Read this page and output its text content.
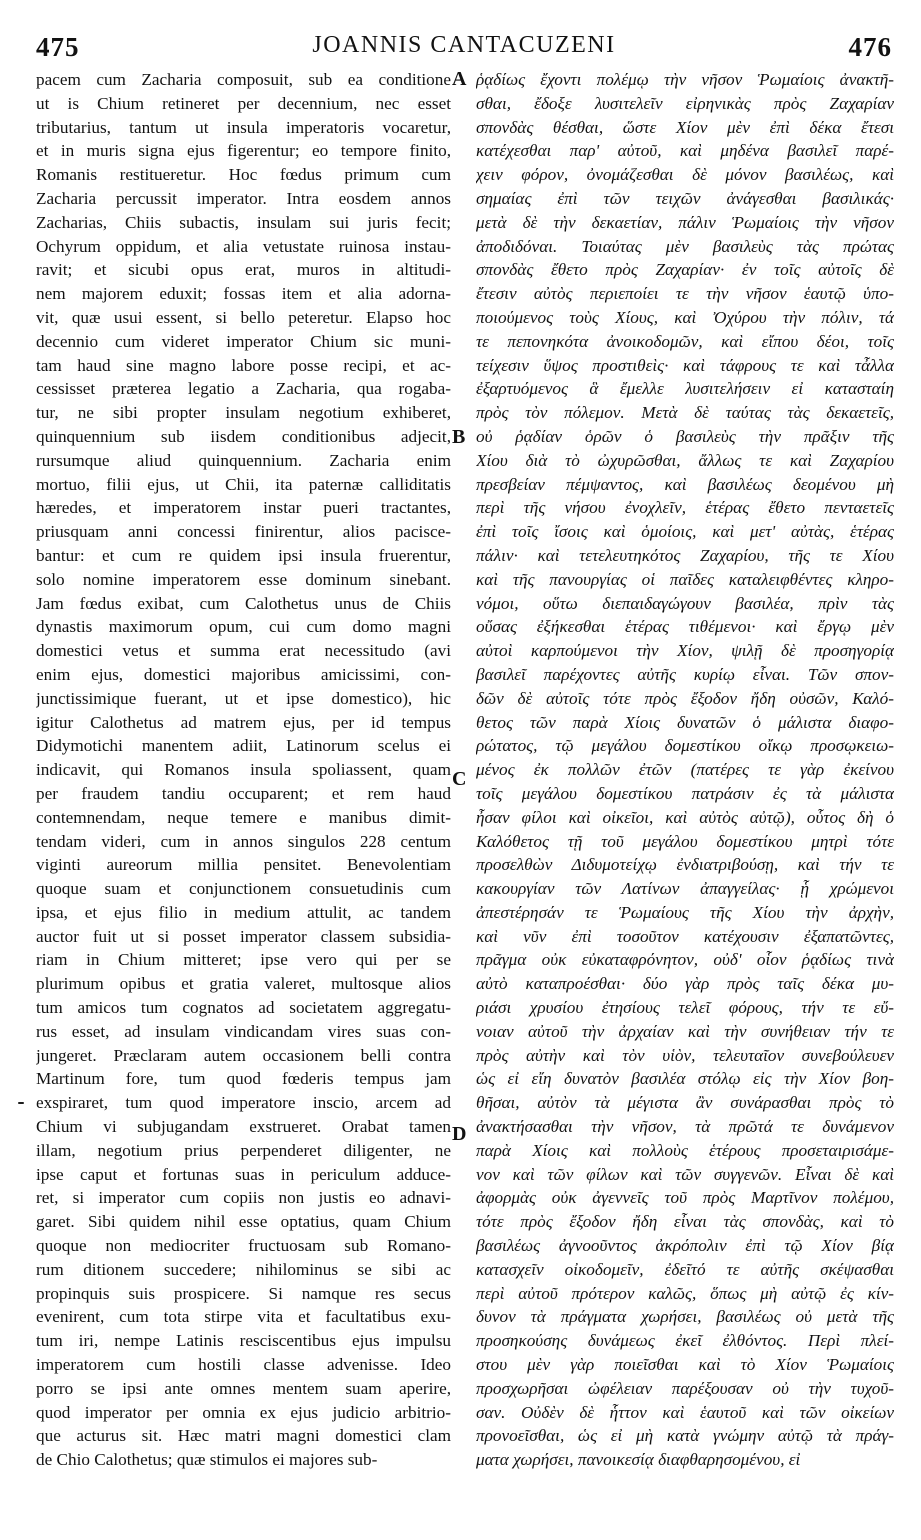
475	JOANNIS CANTACUZENI	476
pacem cum Zacharia composuit, sub ea conditione
ut is Chium retineret per decennium, nec esset
tributarius, tantum ut insula imperatoris vocaretur,
et in muris signa ejus figerentur; eo tempore finito,
Romanis restitueretur. Hoc fœdus primum cum
Zacharia percussit imperator. Intra eosdem annos
Zacharias, Chiis subactis, insulam sui juris fecit;
Ochyrum oppidum, et alia vetustate ruinosa instau-
ravit; et sicubi opus erat, muros in altitudi-
nem majorem eduxit; fossas item et alia adorna-
vit, quæ usui essent, si bello peteretur. Elapso hoc
decennio cum videret imperator Chium sic muni-
tam haud sine magno labore posse recipi, et ac-
cessisset præterea legatio a Zacharia, qua rogaba-
tur, ne sibi propter insulam negotium exhiberet,
quinquennium sub iisdem conditionibus adjecit,
rursumque aliud quinquennium. Zacharia enim
mortuo, filii ejus, ut Chii, ita paternæ calliditatis
hæredes, et imperatorem instar pueri tractantes,
priusquam anni concessi finirentur, alios pacisce-
bantur: et cum re quidem ipsi insula fruerentur,
solo nomine imperatorem esse dominum sinebant.
Jam fœdus exibat, cum Calothetus unus de Chiis
dynastis maximorum opum, cui cum domo magni
domestici vetus et summa erat necessitudo (avi
enim ejus, domestici majoribus amicissimi, con-
junctissimique fuerant, ut et ipse domestico), hic
igitur Calothetus ad matrem ejus, per id tempus
Didymotichi manentem adiit, Latinorum scelus ei
indicavit, qui Romanos insula spoliassent, quam
per fraudem tandiu occuparent; et rem haud
contemnendam, neque temere e manibus dimit-
tendam videri, cum in annos singulos 228 centum
viginti aureorum millia pensitet. Benevolentiam
quoque suam et conjunctionem consuetudinis cum
ipsa, et ejus filio in medium attulit, ac tandem
auctor fuit ut si posset imperator classem subsidia-
riam in Chium mitteret; ipse vero qui per se
plurimum opibus et gratia valeret, multosque alios
tum amicos tum cognatos ad societatem aggregatu-
rus esset, ad insulam vindicandam vires suas con-
jungeret. Præclaram autem occasionem belli contra
Martinum fore, tum quod fœderis tempus jam
exspiraret, tum quod imperatore inscio, arcem ad
Chium vi subjugandam exstrueret. Orabat tamen
illam, negotium prius perpenderet diligenter, ne
ipse caput et fortunas suas in periculum adduce-
ret, si imperator cum copiis non justis eo adnavi-
garet. Sibi quidem nihil esse optatius, quam Chium
quoque non mediocriter fructuosam sub Romano-
rum ditionem succedere; nihilominus se sibi ac
propinquis suis prospicere. Si namque res secus
evenirent, cum tota stirpe vita et facultatibus exu-
tum iri, nempe Latinis resciscentibus ejus impulsu
imperatorem cum hostili classe advenisse. Ideo
porro se ipsi ante omnes mentem suam aperire,
quod imperator per omnia ex ejus judicio arbitrio-
que acturus sit. Hæc matri magni domestici clam
de Chio Calothetus; quæ stimulos ei majores sub-
ῥᾳδίως ἔχοντι πολέμῳ τὴν νῆσον Ῥωμαίοις ἀνακτῆ-
σθαι, ἔδοξε λυσιτελεῖν εἰρηνικὰς πρὸς Ζαχαρίαν
σπονδὰς θέσθαι, ὥστε Χίον μὲν ἐπὶ δέκα ἔτεσι
κατέχεσθαι παρ' αὐτοῦ, καὶ μηδένα βασιλεῖ παρέ-
χειν φόρον, ὀνομάζεσθαι δὲ μόνον βασιλέως, καὶ
σημαίας ἐπὶ τῶν τειχῶν ἀνάγεσθαι βασιλικάς·
μετὰ δὲ τὴν δεκαετίαν, πάλιν Ῥωμαίοις τὴν νῆσον
ἀποδιδόναι. Τοιαύτας μὲν βασιλεὺς τὰς πρώτας
σπονδὰς ἔθετο πρὸς Ζαχαρίαν· ἐν τοῖς αὐτοῖς δὲ
ἔτεσιν αὐτὸς περιεποίει τε τὴν νῆσον ἑαυτῷ ὑπο-
ποιούμενος τοὺς Χίους, καὶ Ὀχύρου τὴν πόλιν, τά
τε πεπονηκότα ἀνοικοδομῶν, καὶ εἴπου δέοι, τοῖς
τείχεσιν ὕψος προστιθεὶς· καὶ τάφρους τε καὶ τἆλλα
ἐξαρτυόμενος ἃ ἔμελλε λυσιτελήσειν εἰ κατασταίη
πρὸς τὸν πόλεμον. Μετὰ δὲ ταύτας τὰς δεκαετεῖς,
οὐ ῥᾳδίαν ὁρῶν ὁ βασιλεὺς τὴν πρᾶξιν τῆς
Χίου διὰ τὸ ὠχυρῶσθαι, ἄλλως τε καὶ Ζαχαρίου
πρεσβείαν πέμψαντος, καὶ βασιλέως δεομένου μὴ
περὶ τῆς νήσου ἐνοχλεῖν, ἑτέρας ἔθετο πενταετεῖς
ἐπὶ τοῖς ἴσοις καὶ ὁμοίοις, καὶ μετ' αὐτὰς, ἑτέρας
πάλιν· καὶ τετελευτηκότος Ζαχαρίου, τῆς τε Χίου
καὶ τῆς πανουργίας οἱ παῖδες καταλειφθέντες κληρο-
νόμοι, οὕτω διεπαιδαγώγουν βασιλέα, πρὶν τὰς
οὔσας ἐξήκεσθαι ἑτέρας τιθέμενοι· καὶ ἔργῳ μὲν
αὐτοὶ καρπούμενοι τὴν Χίον, ψιλῇ δὲ προσηγορίᾳ
βασιλεῖ παρέχοντες αὐτῆς κυρίῳ εἶναι. Τῶν σπον-
δῶν δὲ αὐτοῖς τότε πρὸς ἔξοδον ἤδη οὐσῶν, Καλό-
θετος τῶν παρὰ Χίοις δυνατῶν ὁ μάλιστα διαφο-
ρώτατος, τῷ μεγάλου δομεστίκου οἴκῳ προσῳκειω-
μένος ἐκ πολλῶν ἐτῶν (πατέρες τε γὰρ ἐκείνου
τοῖς μεγάλου δομεστίκου πατράσιν ἐς τὰ μάλιστα
ἦσαν φίλοι καὶ οἰκεῖοι, καὶ αὐτὸς αὐτῷ), οὗτος δὴ ὁ
Καλόθετος τῇ τοῦ μεγάλου δομεστίκου μητρὶ τότε
προσελθὼν Διδυμοτείχῳ ἐνδιατριβούσῃ, καὶ τήν τε
κακουργίαν τῶν Λατίνων ἀπαγγείλας· ᾗ χρώμενοι
ἀπεστέρησάν τε Ῥωμαίους τῆς Χίου τὴν ἀρχὴν,
καὶ νῦν ἐπὶ τοσοῦτον κατέχουσιν ἐξαπατῶντες,
πρᾶγμα οὐκ εὐκαταφρόνητον, οὐδ' οἷον ῥᾳδίως τινὰ
αὐτὸ καταπροέσθαι· δύο γὰρ πρὸς ταῖς δέκα μυ-
ριάσι χρυσίου ἐτησίους τελεῖ φόρους, τήν τε εὔ-
νοιαν αὐτοῦ τὴν ἀρχαίαν καὶ τὴν συνήθειαν τήν τε
πρὸς αὐτὴν καὶ τὸν υἱὸν, τελευταῖον συνεβούλευεν
ὡς εἰ εἴη δυνατὸν βασιλέα στόλῳ εἰς τὴν Χίον βοη-
θῆσαι, αὐτὸν τὰ μέγιστα ἂν συνάρασθαι πρὸς τὸ
ἀνακτήσασθαι τὴν νῆσον, τὰ πρῶτά τε δυνάμενον
παρὰ Χίοις καὶ πολλοὺς ἑτέρους προσεταιρισάμε-
νον καὶ τῶν φίλων καὶ τῶν συγγενῶν. Εἶναι δὲ καὶ
ἀφορμὰς οὐκ ἀγεννεῖς τοῦ πρὸς Μαρτῖνον πολέμου,
τότε πρὸς ἔξοδον ἤδη εἶναι τὰς σπονδὰς, καὶ τὸ
βασιλέως ἀγνοοῦντος ἀκρόπολιν ἐπὶ τῷ Χίον βίᾳ
κατασχεῖν οἰκοδομεῖν, ἐδεῖτό τε αὐτῆς σκέψασθαι
περὶ αὐτοῦ πρότερον καλῶς, ὅπως μὴ αὐτῷ ἐς κίν-
δυνον τὰ πράγματα χωρήσει, βασιλέως οὐ μετὰ τῆς
προσηκούσης δυνάμεως ἐκεῖ ἐλθόντος. Περὶ πλεί-
στου μὲν γὰρ ποιεῖσθαι καὶ τὸ Χίον Ῥωμαίοις
προσχωρῆσαι ὠφέλειαν παρέξουσαν οὐ τὴν τυχοῦ-
σαν. Οὐδὲν δὲ ἧττον καὶ ἑαυτοῦ καὶ τῶν οἰκείων
προνοεῖσθαι, ὡς εἰ μὴ κατὰ γνώμην αὐτῷ τὰ πράγ-
ματα χωρήσει, πανοικεσίᾳ διαφθαρησομένου, εἰ
A
B
C
D
